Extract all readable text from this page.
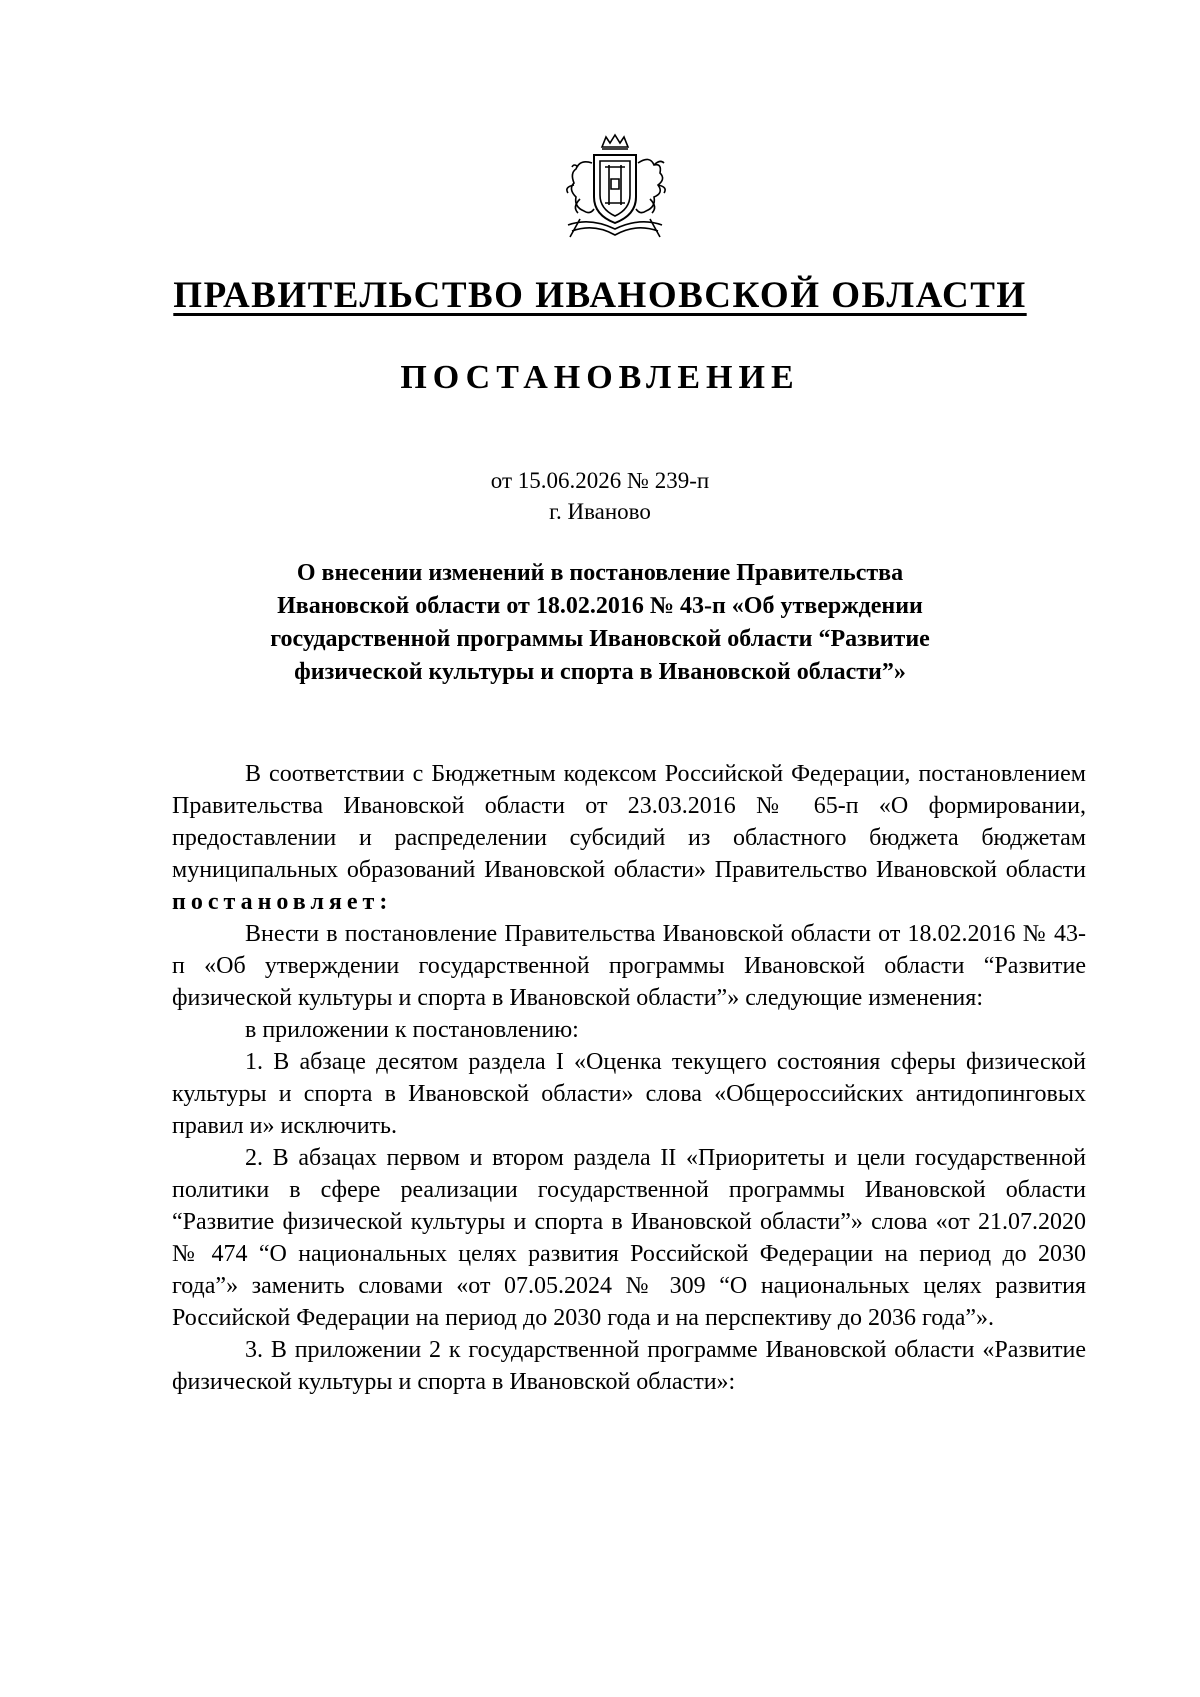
ПРАВИТЕЛЬСТВО ИВАНОВСКОЙ ОБЛАСТИ
ПОСТАНОВЛЕНИЕ
от 15.06.2026 № 239-п
г. Иваново
О внесении изменений в постановление Правительства
Ивановской области от 18.02.2016 № 43-п «Об утверждении
государственной программы Ивановской области “Развитие
физической культуры и спорта в Ивановской области”»

В соответствии с Бюджетным кодексом Российской Федерации, постановлением Правительства Ивановской области от 23.03.2016 № 65-п «О формировании, предоставлении и распределении субсидий из областного бюджета бюджетам муниципальных образований Ивановской области» Правительство Ивановской области постановляет:

Внести в постановление Правительства Ивановской области от 18.02.2016 № 43-п «Об утверждении государственной программы Ивановской области “Развитие физической культуры и спорта в Ивановской области”» следующие изменения:

в приложении к постановлению:

1. В абзаце десятом раздела I «Оценка текущего состояния сферы физической культуры и спорта в Ивановской области» слова «Общероссийских антидопинговых правил и» исключить.

2. В абзацах первом и втором раздела II «Приоритеты и цели государственной политики в сфере реализации государственной программы Ивановской области “Развитие физической культуры и спорта в Ивановской области”» слова «от 21.07.2020 № 474 “О национальных целях развития Российской Федерации на период до 2030 года”» заменить словами «от 07.05.2024 № 309 “О национальных целях развития Российской Федерации на период до 2030 года и на перспективу до 2036 года”».

3. В приложении 2 к государственной программе Ивановской области «Развитие физической культуры и спорта в Ивановской области»:
